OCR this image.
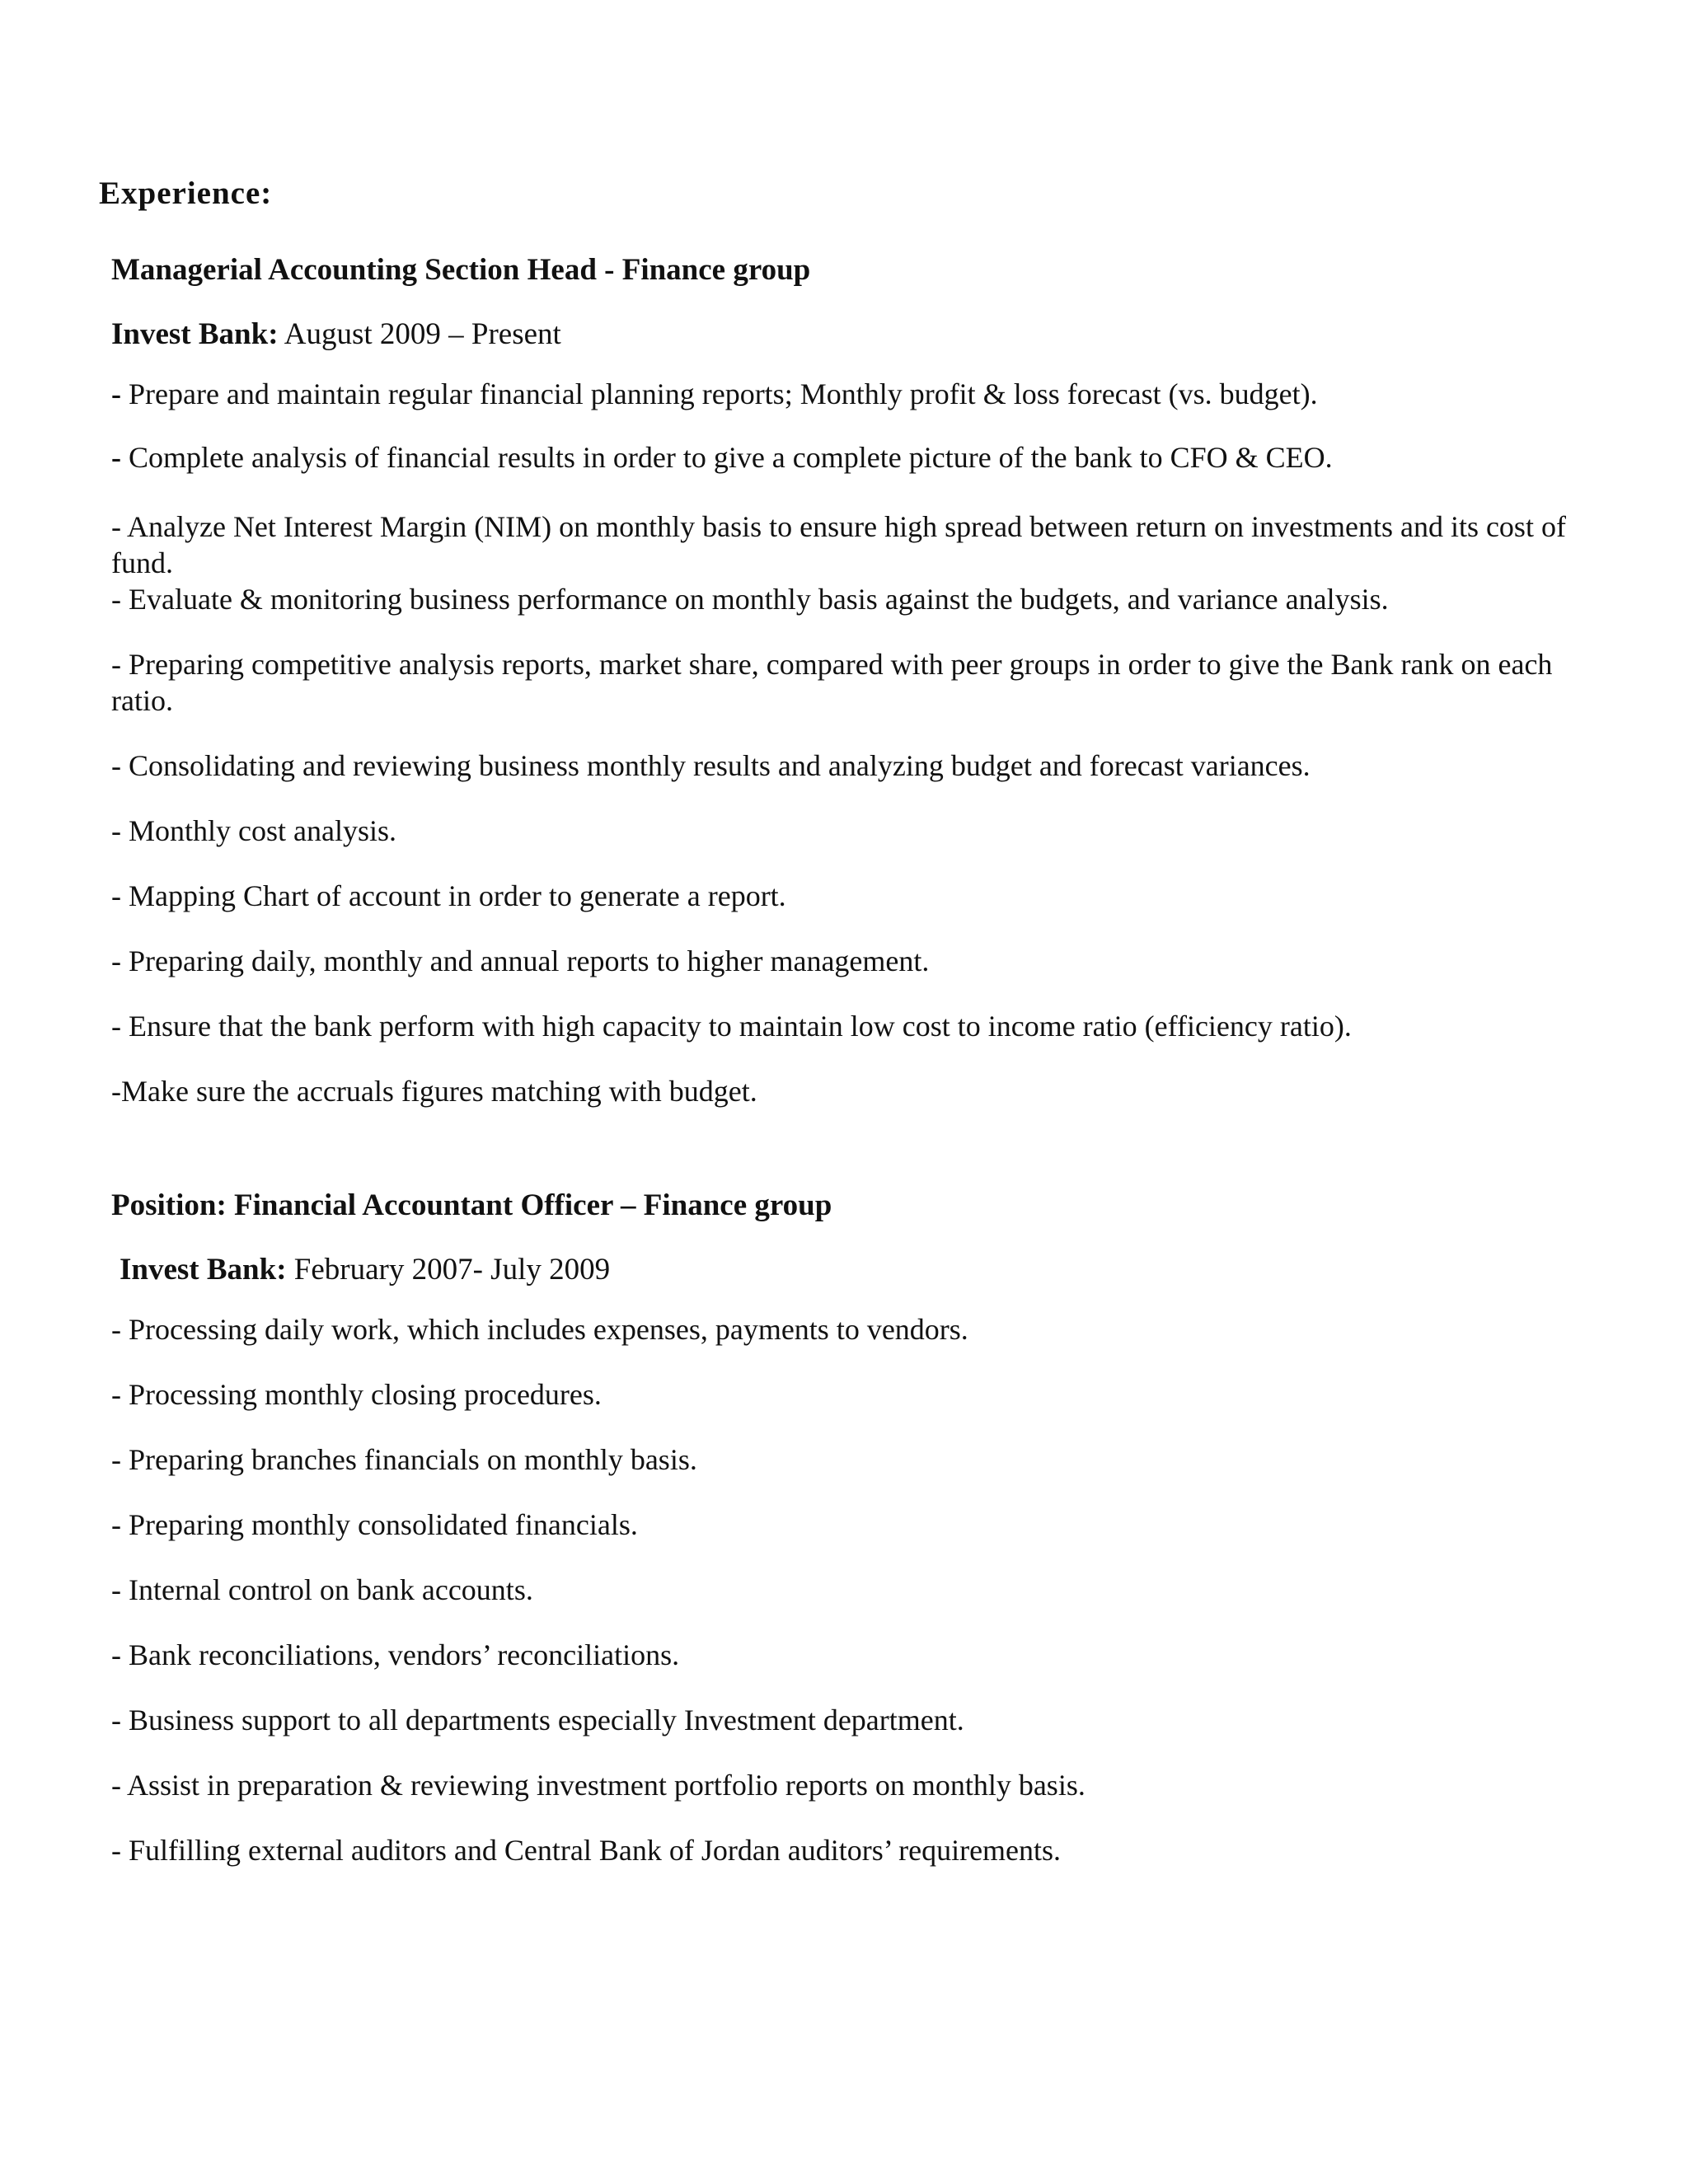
Experience:
Managerial Accounting Section Head - Finance group
Invest Bank: August 2009 – Present
- Prepare and maintain regular financial planning reports; Monthly profit & loss forecast (vs. budget).
- Complete analysis of financial results in order to give a complete picture of the bank to CFO & CEO.
- Analyze Net Interest Margin (NIM) on monthly basis to ensure high spread between return on investments and its cost of fund.
- Evaluate & monitoring business performance on monthly basis against the budgets, and variance analysis.
- Preparing competitive analysis reports, market share, compared with peer groups in order to give the Bank rank on each ratio.
- Consolidating and reviewing business monthly results and analyzing budget and forecast variances.
- Monthly cost analysis.
- Mapping Chart of account in order to generate a report.
- Preparing daily, monthly and annual reports to higher management.
- Ensure that the bank perform with high capacity to maintain low cost to income ratio (efficiency ratio).
-Make sure the accruals figures matching with budget.
Position: Financial Accountant Officer – Finance group
Invest Bank: February 2007- July 2009
- Processing daily work, which includes expenses, payments to vendors.
- Processing monthly closing procedures.
- Preparing branches financials on monthly basis.
- Preparing monthly consolidated financials.
- Internal control on bank accounts.
- Bank reconciliations, vendors’ reconciliations.
- Business support to all departments especially Investment department.
- Assist in preparation & reviewing investment portfolio reports on monthly basis.
- Fulfilling external auditors and Central Bank of Jordan auditors’ requirements.
